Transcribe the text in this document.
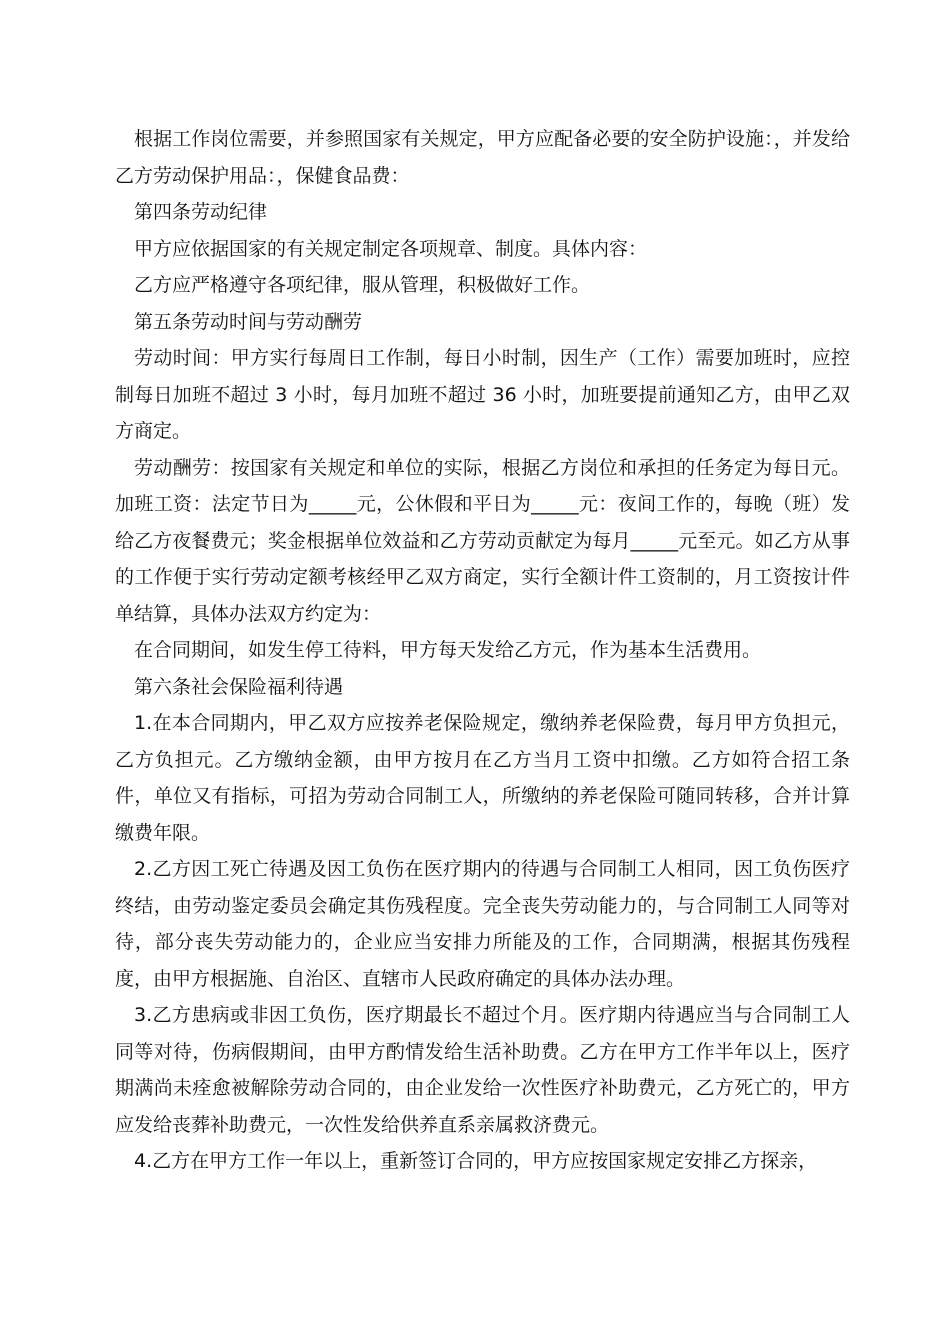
根据工作岗位需要，并参照国家有关规定，甲方应配备必要的安全防护设施：，并发给乙方劳动保护用品：，保健食品费：

第四条劳动纪律

甲方应依据国家的有关规定制定各项规章、制度。具体内容：

乙方应严格遵守各项纪律，服从管理，积极做好工作。

第五条劳动时间与劳动酬劳

劳动时间：甲方实行每周日工作制，每日小时制，因生产（工作）需要加班时，应控制每日加班不超过 3 小时，每月加班不超过 36 小时，加班要提前通知乙方，由甲乙双方商定。

劳动酬劳：按国家有关规定和单位的实际，根据乙方岗位和承担的任务定为每日元。加班工资：法定节日为_____元，公休假和平日为_____元：夜间工作的，每晚（班）发给乙方夜餐费元；奖金根据单位效益和乙方劳动贡献定为每月_____元至元。如乙方从事的工作便于实行劳动定额考核经甲乙双方商定，实行全额计件工资制的，月工资按计件单结算，具体办法双方约定为：

在合同期间，如发生停工待料，甲方每天发给乙方元，作为基本生活费用。

第六条社会保险福利待遇

1.在本合同期内，甲乙双方应按养老保险规定，缴纳养老保险费，每月甲方负担元，乙方负担元。乙方缴纳金额，由甲方按月在乙方当月工资中扣缴。乙方如符合招工条件，单位又有指标，可招为劳动合同制工人，所缴纳的养老保险可随同转移，合并计算缴费年限。

2.乙方因工死亡待遇及因工负伤在医疗期内的待遇与合同制工人相同，因工负伤医疗终结，由劳动鉴定委员会确定其伤残程度。完全丧失劳动能力的，与合同制工人同等对待，部分丧失劳动能力的，企业应当安排力所能及的工作，合同期满，根据其伤残程度，由甲方根据施、自治区、直辖市人民政府确定的具体办法办理。

3.乙方患病或非因工负伤，医疗期最长不超过个月。医疗期内待遇应当与合同制工人同等对待，伤病假期间，由甲方酌情发给生活补助费。乙方在甲方工作半年以上，医疗期满尚未痊愈被解除劳动合同的，由企业发给一次性医疗补助费元，乙方死亡的，甲方应发给丧葬补助费元，一次性发给供养直系亲属救济费元。

4.乙方在甲方工作一年以上，重新签订合同的，甲方应按国家规定安排乙方探亲，
